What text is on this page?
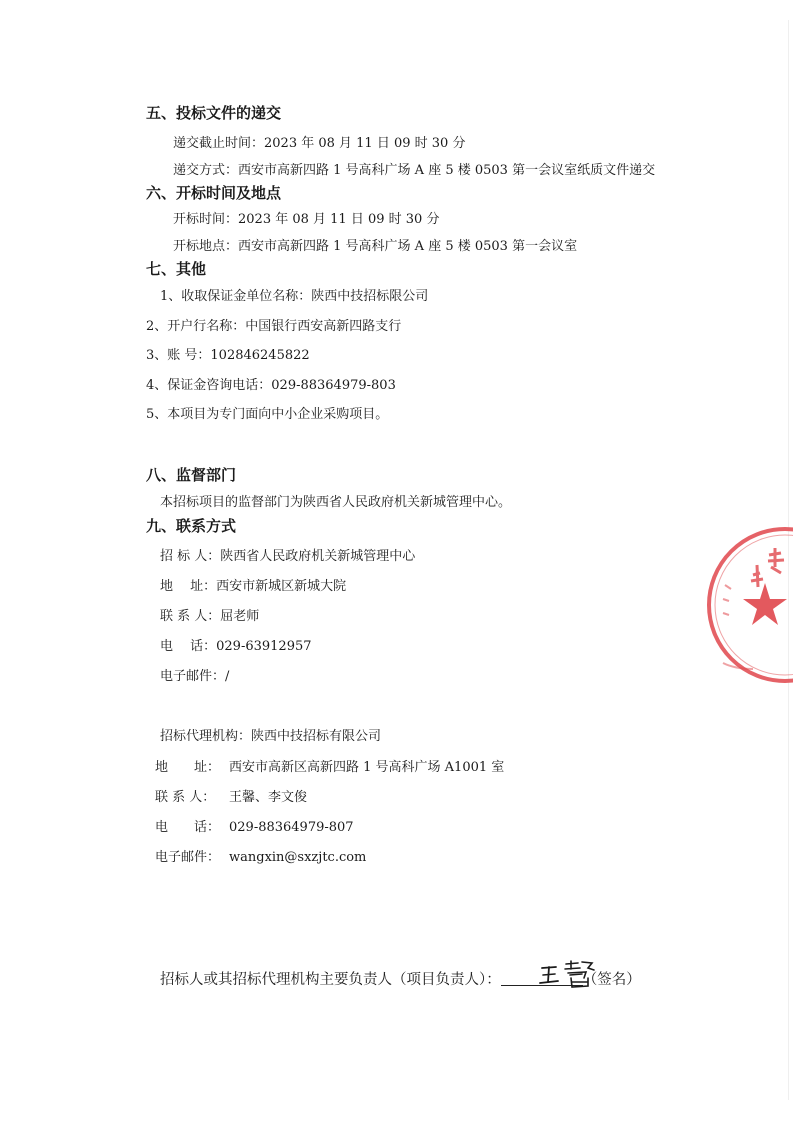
五、投标文件的递交
递交截止时间：2023 年 08 月 11 日 09 时 30 分
递交方式：西安市高新四路 1 号高科广场 A 座 5 楼 0503 第一会议室纸质文件递交
六、开标时间及地点
开标时间：2023 年 08 月 11 日 09 时 30 分
开标地点：西安市高新四路 1 号高科广场 A 座 5 楼 0503 第一会议室
七、其他
1、收取保证金单位名称：陕西中技招标限公司
2、开户行名称：中国银行西安高新四路支行
3、账 号：102846245822
4、保证金咨询电话：029-88364979-803
5、本项目为专门面向中小企业采购项目。
八、监督部门
本招标项目的监督部门为陕西省人民政府机关新城管理中心。
九、联系方式
招 标 人：陕西省人民政府机关新城管理中心
地　 址：西安市新城区新城大院
联 系 人：屈老师
电　 话：029-63912957
电子邮件：/
招标代理机构：陕西中技招标有限公司
地　　址： 西安市高新区高新四路 1 号高科广场 A1001 室
联 系 人： 王馨、李文俊
电　　话： 029-88364979-807
电子邮件： wangxin@sxzjtc.com
招标人或其招标代理机构主要负责人（项目负责人）：	（签名）
